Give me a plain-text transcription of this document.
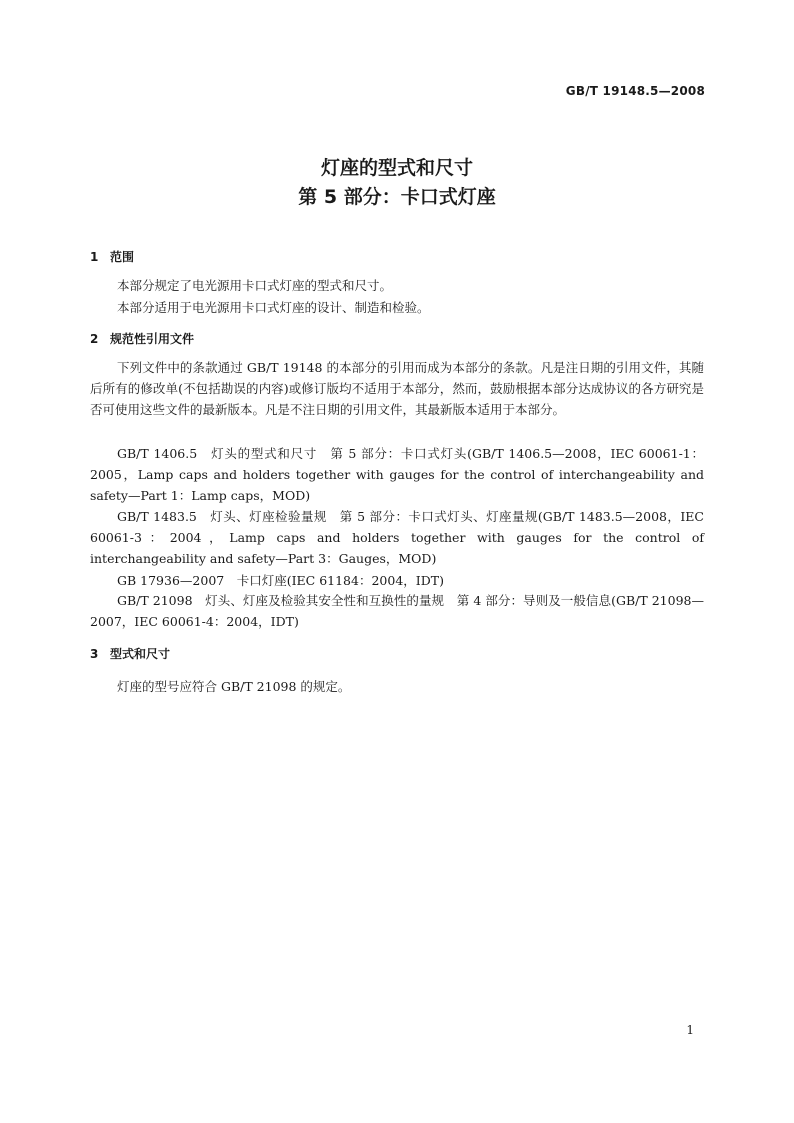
GB/T 19148.5—2008
灯座的型式和尺寸
第 5 部分：卡口式灯座
1 范围
本部分规定了电光源用卡口式灯座的型式和尺寸。
本部分适用于电光源用卡口式灯座的设计、制造和检验。
2 规范性引用文件
下列文件中的条款通过 GB/T 19148 的本部分的引用而成为本部分的条款。凡是注日期的引用文件，其随后所有的修改单(不包括勘误的内容)或修订版均不适用于本部分，然而，鼓励根据本部分达成协议的各方研究是否可使用这些文件的最新版本。凡是不注日期的引用文件，其最新版本适用于本部分。
GB/T 1406.5　灯头的型式和尺寸　第 5 部分：卡口式灯头(GB/T 1406.5—2008，IEC 60061-1：2005，Lamp caps and holders together with gauges for the control of interchangeability and safety—Part 1：Lamp caps，MOD)
GB/T 1483.5　灯头、灯座检验量规　第 5 部分：卡口式灯头、灯座量规(GB/T 1483.5—2008，IEC 60061-3：2004，Lamp caps and holders together with gauges for the control of interchangeability and safety—Part 3：Gauges，MOD)
GB 17936—2007　卡口灯座(IEC 61184：2004，IDT)
GB/T 21098　灯头、灯座及检验其安全性和互换性的量规　第 4 部分：导则及一般信息(GB/T 21098—2007，IEC 60061-4：2004，IDT)
3 型式和尺寸
灯座的型号应符合 GB/T 21098 的规定。
1
